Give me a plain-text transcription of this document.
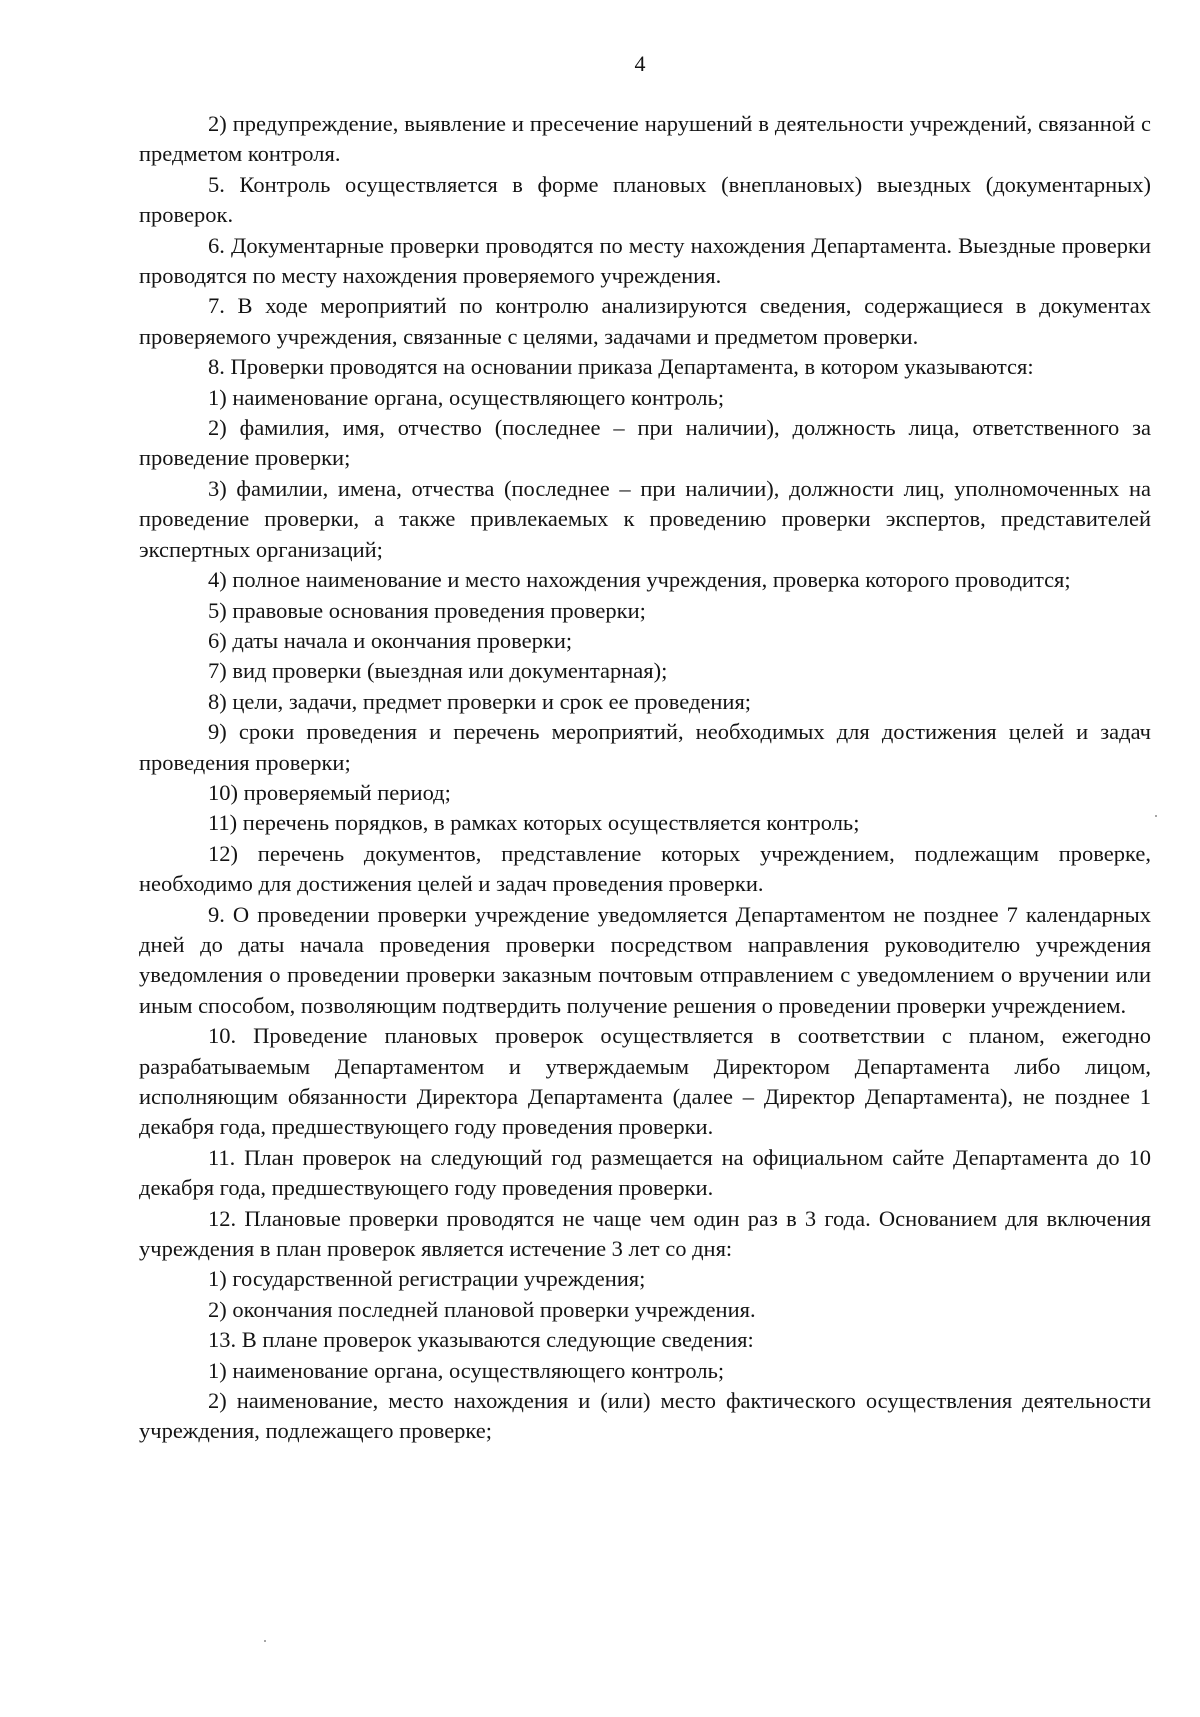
4

2) предупреждение, выявление и пресечение нарушений в деятельности учреждений, связанной с предметом контроля.

5. Контроль осуществляется в форме плановых (внеплановых) выездных (документарных) проверок.

6. Документарные проверки проводятся по месту нахождения Департамента. Выездные проверки проводятся по месту нахождения проверяемого учреждения.

7. В ходе мероприятий по контролю анализируются сведения, содержащиеся в документах проверяемого учреждения, связанные с целями, задачами и предметом проверки.

8. Проверки проводятся на основании приказа Департамента, в котором указываются:

1) наименование органа, осуществляющего контроль;

2) фамилия, имя, отчество (последнее – при наличии), должность лица, ответственного за проведение проверки;

3) фамилии, имена, отчества (последнее – при наличии), должности лиц, уполномоченных на проведение проверки, а также привлекаемых к проведению проверки экспертов, представителей экспертных организаций;

4) полное наименование и место нахождения учреждения, проверка которого проводится;

5) правовые основания проведения проверки;

6) даты начала и окончания проверки;

7) вид проверки (выездная или документарная);

8) цели, задачи, предмет проверки и срок ее проведения;

9) сроки проведения и перечень мероприятий, необходимых для достижения целей и задач проведения проверки;

10) проверяемый период;

11) перечень порядков, в рамках которых осуществляется контроль;

12) перечень документов, представление которых учреждением, подлежащим проверке, необходимо для достижения целей и задач проведения проверки.

9. О проведении проверки учреждение уведомляется Департаментом не позднее 7 календарных дней до даты начала проведения проверки посредством направления руководителю учреждения уведомления о проведении проверки заказным почтовым отправлением с уведомлением о вручении или иным способом, позволяющим подтвердить получение решения о проведении проверки учреждением.

10. Проведение плановых проверок осуществляется в соответствии с планом, ежегодно разрабатываемым Департаментом и утверждаемым Директором Департамента либо лицом, исполняющим обязанности Директора Департамента (далее – Директор Департамента), не позднее 1 декабря года, предшествующего году проведения проверки.

11. План проверок на следующий год размещается на официальном сайте Департамента до 10 декабря года, предшествующего году проведения проверки.

12. Плановые проверки проводятся не чаще чем один раз в 3 года. Основанием для включения учреждения в план проверок является истечение 3 лет со дня:

1) государственной регистрации учреждения;

2) окончания последней плановой проверки учреждения.

13. В плане проверок указываются следующие сведения:

1) наименование органа, осуществляющего контроль;

2) наименование, место нахождения и (или) место фактического осуществления деятельности учреждения, подлежащего проверке;
